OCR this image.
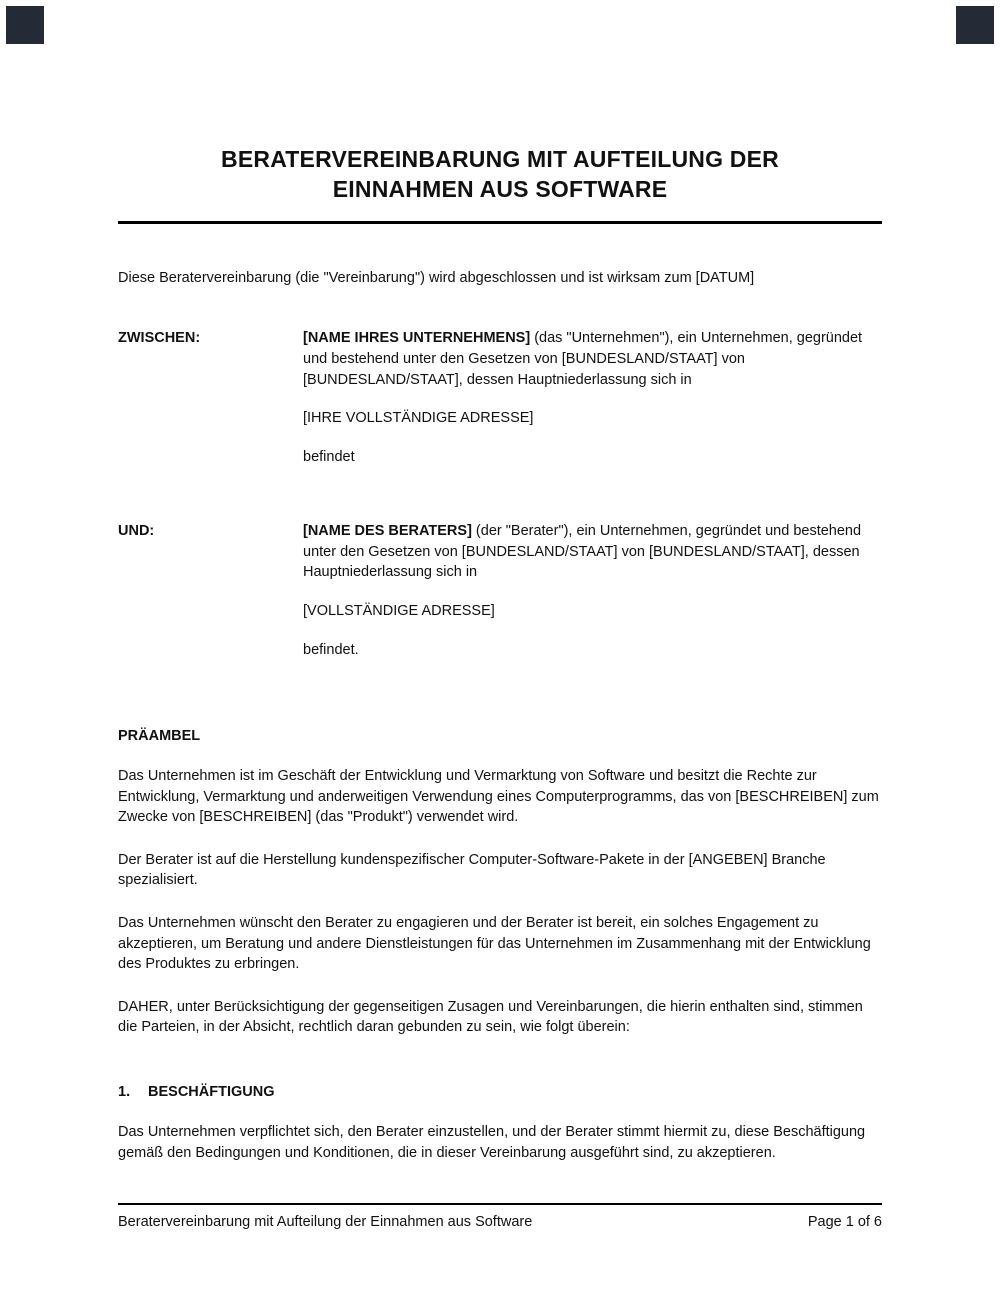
BERATERVEREINBARUNG MIT AUFTEILUNG DER EINNAHMEN AUS SOFTWARE

Diese Beratervereinbarung (die "Vereinbarung") wird abgeschlossen und ist wirksam zum [DATUM]

ZWISCHEN:	[NAME IHRES UNTERNEHMENS] (das "Unternehmen"), ein Unternehmen, gegründet und bestehend unter den Gesetzen von [BUNDESLAND/STAAT] von [BUNDESLAND/STAAT], dessen Hauptniederlassung sich in

[IHRE VOLLSTÄNDIGE ADRESSE]

befindet

UND:	[NAME DES BERATERS] (der "Berater"), ein Unternehmen, gegründet und bestehend unter den Gesetzen von [BUNDESLAND/STAAT] von [BUNDESLAND/STAAT], dessen Hauptniederlassung sich in

[VOLLSTÄNDIGE ADRESSE]

befindet.

PRÄAMBEL

Das Unternehmen ist im Geschäft der Entwicklung und Vermarktung von Software und besitzt die Rechte zur Entwicklung, Vermarktung und anderweitigen Verwendung eines Computerprogramms, das von [BESCHREIBEN] zum Zwecke von [BESCHREIBEN] (das "Produkt") verwendet wird.

Der Berater ist auf die Herstellung kundenspezifischer Computer-Software-Pakete in der [ANGEBEN] Branche spezialisiert.

Das Unternehmen wünscht den Berater zu engagieren und der Berater ist bereit, ein solches Engagement zu akzeptieren, um Beratung und andere Dienstleistungen für das Unternehmen im Zusammenhang mit der Entwicklung des Produktes zu erbringen.

DAHER, unter Berücksichtigung der gegenseitigen Zusagen und Vereinbarungen, die hierin enthalten sind, stimmen die Parteien, in der Absicht, rechtlich daran gebunden zu sein, wie folgt überein:

1.	BESCHÄFTIGUNG

Das Unternehmen verpflichtet sich, den Berater einzustellen, und der Berater stimmt hiermit zu, diese Beschäftigung gemäß den Bedingungen und Konditionen, die in dieser Vereinbarung ausgeführt sind, zu akzeptieren.

Beratervereinbarung mit Aufteilung der Einnahmen aus Software	Page 1 of 6
